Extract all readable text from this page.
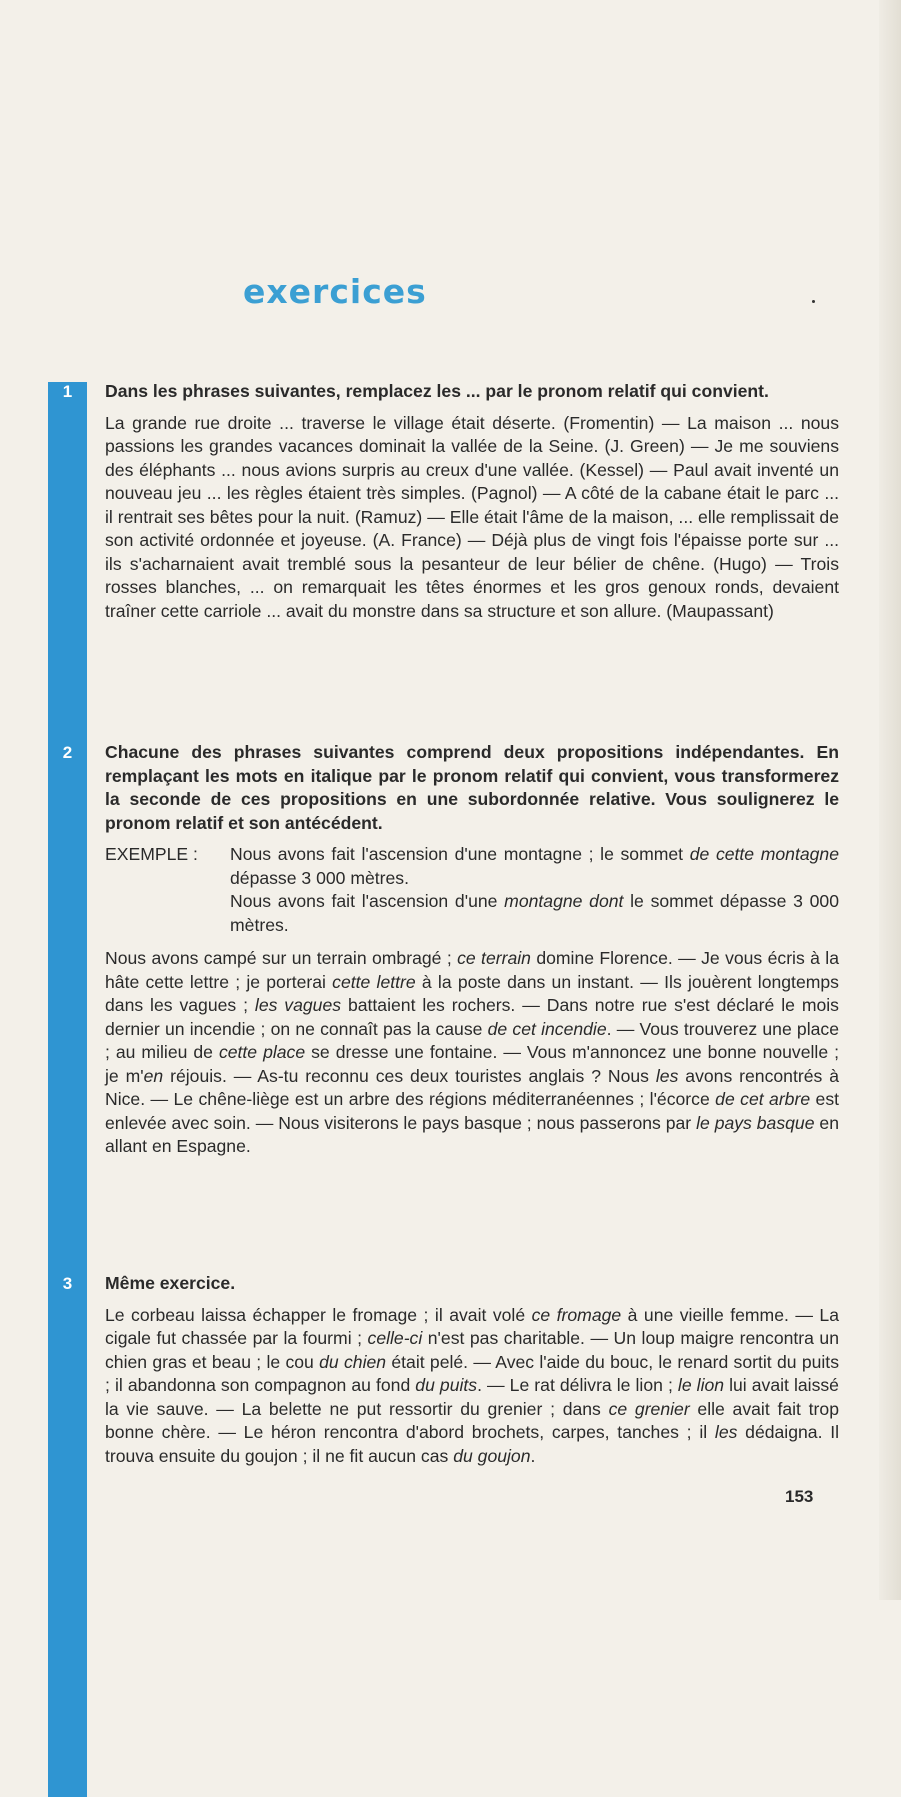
exercices
1	Dans les phrases suivantes, remplacez les ... par le pronom relatif qui convient.

La grande rue droite ... traverse le village était déserte. (Fromentin) — La maison ... nous passions les grandes vacances dominait la vallée de la Seine. (J. Green) — Je me souviens des éléphants ... nous avions surpris au creux d'une vallée. (Kessel) — Paul avait inventé un nouveau jeu ... les règles étaient très simples. (Pagnol) — A côté de la cabane était le parc ... il rentrait ses bêtes pour la nuit. (Ramuz) — Elle était l'âme de la maison, ... elle remplissait de son activité ordonnée et joyeuse. (A. France) — Déjà plus de vingt fois l'épaisse porte sur ... ils s'acharnaient avait tremblé sous la pesanteur de leur bélier de chêne. (Hugo) — Trois rosses blanches, ... on remarquait les têtes énormes et les gros genoux ronds, devaient traîner cette carriole ... avait du monstre dans sa structure et son allure. (Maupassant)

2	Chacune des phrases suivantes comprend deux propositions indépendantes. En remplaçant les mots en italique par le pronom relatif qui convient, vous transformerez la seconde de ces propositions en une subordonnée relative. Vous soulignerez le pronom relatif et son antécédent.

EXEMPLE :	Nous avons fait l'ascension d'une montagne ; le sommet de cette montagne dépasse 3 000 mètres.

Nous avons fait l'ascension d'une montagne dont le sommet dépasse 3 000 mètres.

Nous avons campé sur un terrain ombragé ; ce terrain domine Florence. — Je vous écris à la hâte cette lettre ; je porterai cette lettre à la poste dans un instant. — Ils jouèrent longtemps dans les vagues ; les vagues battaient les rochers. — Dans notre rue s'est déclaré le mois dernier un incendie ; on ne connaît pas la cause de cet incendie. — Vous trouverez une place ; au milieu de cette place se dresse une fontaine. — Vous m'annoncez une bonne nouvelle ; je m'en réjouis. — As-tu reconnu ces deux touristes anglais ? Nous les avons rencontrés à Nice. — Le chêne-liège est un arbre des régions méditerranéennes ; l'écorce de cet arbre est enlevée avec soin. — Nous visiterons le pays basque ; nous passerons par le pays basque en allant en Espagne.

3	Même exercice.

Le corbeau laissa échapper le fromage ; il avait volé ce fromage à une vieille femme. — La cigale fut chassée par la fourmi ; celle-ci n'est pas charitable. — Un loup maigre rencontra un chien gras et beau ; le cou du chien était pelé. — Avec l'aide du bouc, le renard sortit du puits ; il abandonna son compagnon au fond du puits. — Le rat délivra le lion ; le lion lui avait laissé la vie sauve. — La belette ne put ressortir du grenier ; dans ce grenier elle avait fait trop bonne chère. — Le héron rencontra d'abord brochets, carpes, tanches ; il les dédaigna. Il trouva ensuite du goujon ; il ne fit aucun cas du goujon.

153
